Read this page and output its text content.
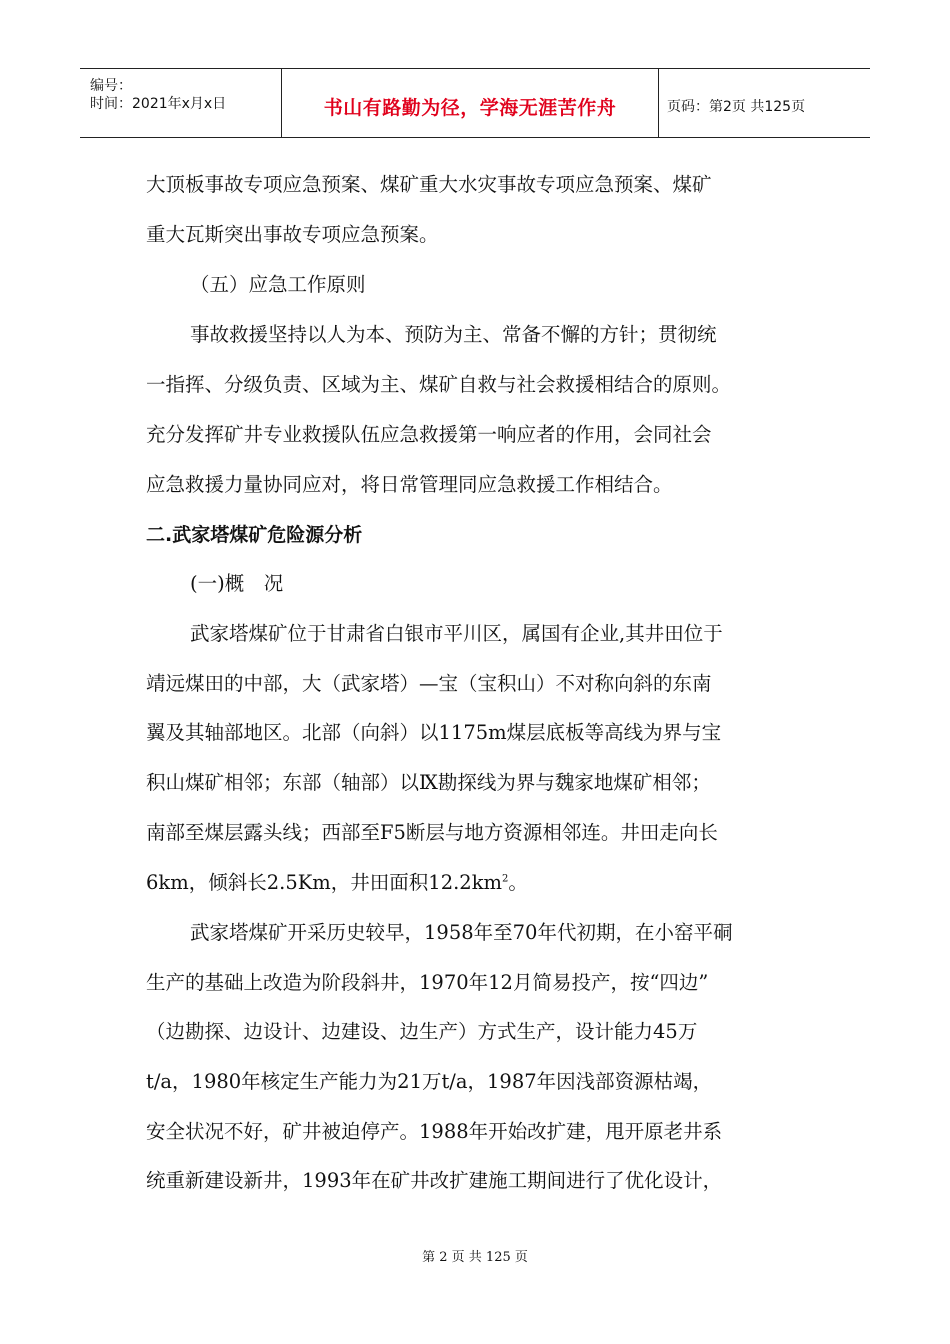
编号：
时间：2021年x月x日	书山有路勤为径，学海无涯苦作舟	页码：第2页 共125页
大顶板事故专项应急预案、煤矿重大水灾事故专项应急预案、煤矿
重大瓦斯突出事故专项应急预案。
（五）应急工作原则
事故救援坚持以人为本、预防为主、常备不懈的方针；贯彻统
一指挥、分级负责、区域为主、煤矿自救与社会救援相结合的原则。
充分发挥矿井专业救援队伍应急救援第一响应者的作用，会同社会
应急救援力量协同应对，将日常管理同应急救援工作相结合。
二.武家塔煤矿危险源分析
(一)概　况
武家塔煤矿位于甘肃省白银市平川区，属国有企业,其井田位于
靖远煤田的中部，大（武家塔）—宝（宝积山）不对称向斜的东南
翼及其轴部地区。北部（向斜）以1175m煤层底板等高线为界与宝
积山煤矿相邻；东部（轴部）以Ⅸ勘探线为界与魏家地煤矿相邻；
南部至煤层露头线；西部至F5断层与地方资源相邻连。井田走向长
6km，倾斜长2.5Km，井田面积$12.2km^2$。
武家塔煤矿开采历史较早，1958年至70年代初期，在小窑平硐
生产的基础上改造为阶段斜井，1970年12月简易投产，按“四边”
（边勘探、边设计、边建设、边生产）方式生产，设计能力45万
t/a，1980年核定生产能力为21万t/a，1987年因浅部资源枯竭，
安全状况不好，矿井被迫停产。1988年开始改扩建，甩开原老井系
统重新建设新井，1993年在矿井改扩建施工期间进行了优化设计，
第 2 页 共 125 页
